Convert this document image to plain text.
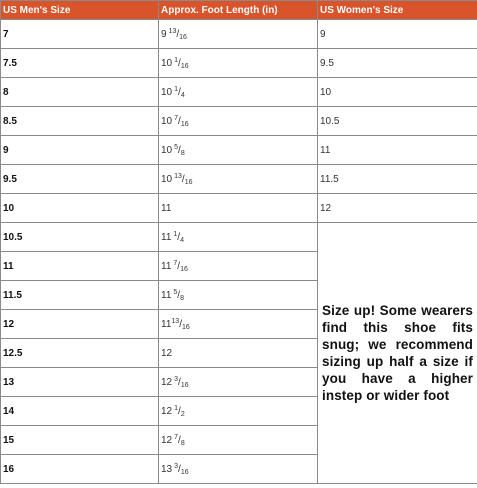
US Men's Size	Approx. Foot Length (in)	US Women's Size
7	9 $^{13}/_{16}$	9
7.5	10 $^1/_{16}$	9.5
8	10 $^1/_4$	10
8.5	10 $^7/_{16}$	10.5
9	10 $^5/_8$	11
9.5	10 $^{13}/_{16}$	11.5
10	11	12
10.5	11 $^1/_4$	Size up! Some wearers find this shoe fits snug; we recommend sizing up half a size if you have a higher instep or wider foot
11	11 $^7/_{16}$
11.5	11 $^5/_8$
12	$11^{13}/_{16}$
12.5	12	
13	12 $^3/_{16}$
14	12 $^1/_2$
15	12 $^7/_8$
16	13 $^3/_{16}$
